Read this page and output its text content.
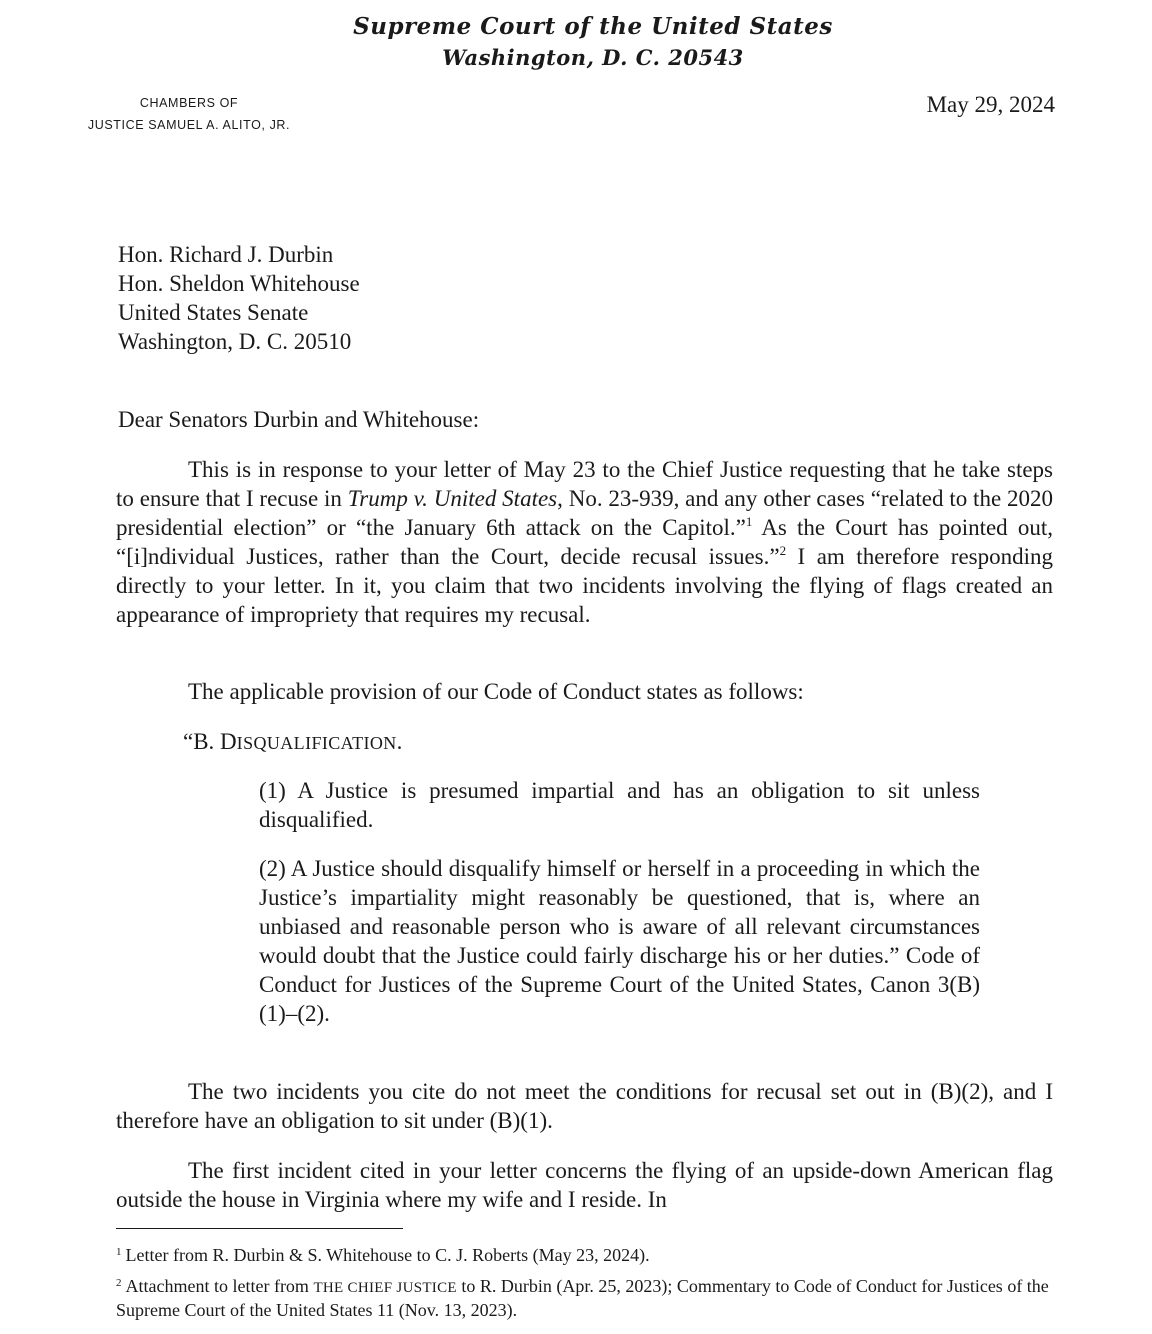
Supreme Court of the United States
Washington, D. C. 20543
CHAMBERS OF
JUSTICE SAMUEL A. ALITO, JR.
May 29, 2024
Hon. Richard J. Durbin
Hon. Sheldon Whitehouse
United States Senate
Washington, D. C. 20510
Dear Senators Durbin and Whitehouse:

This is in response to your letter of May 23 to the Chief Justice requesting that he take steps to ensure that I recuse in Trump v. United States, No. 23-939, and any other cases “related to the 2020 presidential election” or “the January 6th attack on the Capitol.”$^1$ As the Court has pointed out, “[i]ndividual Justices, rather than the Court, decide recusal issues.”$^2$ I am therefore responding directly to your letter. In it, you claim that two incidents involving the flying of flags created an appearance of impropriety that requires my recusal.

The applicable provision of our Code of Conduct states as follows:

“B. DISQUALIFICATION.

(1) A Justice is presumed impartial and has an obligation to sit unless disqualified.

(2) A Justice should disqualify himself or herself in a proceeding in which the Justice’s impartiality might reasonably be questioned, that is, where an unbiased and reasonable person who is aware of all relevant circumstances would doubt that the Justice could fairly discharge his or her duties.” Code of Conduct for Justices of the Supreme Court of the United States, Canon 3(B)(1)–(2).

The two incidents you cite do not meet the conditions for recusal set out in (B)(2), and I therefore have an obligation to sit under (B)(1).

The first incident cited in your letter concerns the flying of an upside-down American flag outside the house in Virginia where my wife and I reside. In

$^1$ Letter from R. Durbin & S. Whitehouse to C. J. Roberts (May 23, 2024).

$^2$ Attachment to letter from THE CHIEF JUSTICE to R. Durbin (Apr. 25, 2023); Commentary to Code of Conduct for Justices of the Supreme Court of the United States 11 (Nov. 13, 2023).
